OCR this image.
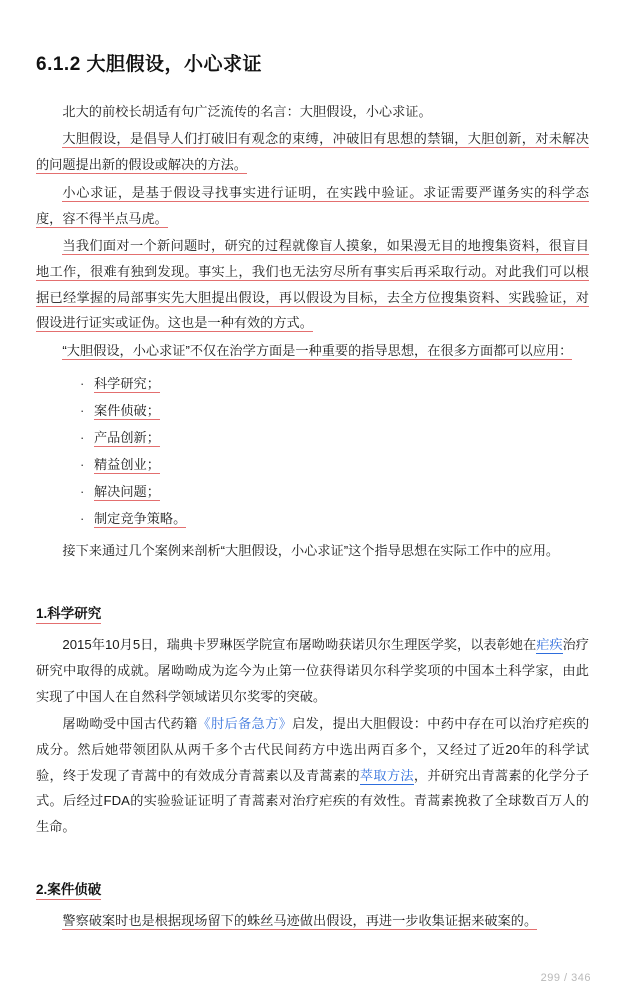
6.1.2 大胆假设，小心求证

北大的前校长胡适有句广泛流传的名言：大胆假设，小心求证。

大胆假设，是倡导人们打破旧有观念的束缚，冲破旧有思想的禁锢，大胆创新，对未解决的问题提出新的假设或解决的方法。

小心求证，是基于假设寻找事实进行证明，在实践中验证。求证需要严谨务实的科学态度，容不得半点马虎。

当我们面对一个新问题时，研究的过程就像盲人摸象，如果漫无目的地搜集资料，很盲目地工作，很难有独到发现。事实上，我们也无法穷尽所有事实后再采取行动。对此我们可以根据已经掌握的局部事实先大胆提出假设，再以假设为目标，去全方位搜集资料、实践验证，对假设进行证实或证伪。这也是一种有效的方式。

“大胆假设，小心求证”不仅在治学方面是一种重要的指导思想，在很多方面都可以应用：

· 科学研究；
· 案件侦破；
· 产品创新；
· 精益创业；
· 解决问题；
· 制定竞争策略。

接下来通过几个案例来剖析“大胆假设，小心求证”这个指导思想在实际工作中的应用。

1.科学研究

2015年10月5日，瑞典卡罗琳医学院宣布屠呦呦获诺贝尔生理医学奖，以表彰她在疟疾治疗研究中取得的成就。屠呦呦成为迄今为止第一位获得诺贝尔科学奖项的中国本土科学家，由此实现了中国人在自然科学领域诺贝尔奖零的突破。

屠呦呦受中国古代药籍《肘后备急方》启发，提出大胆假设：中药中存在可以治疗疟疾的成分。然后她带领团队从两千多个古代民间药方中选出两百多个，又经过了近20年的科学试验，终于发现了青蒿中的有效成分青蒿素以及青蒿素的萃取方法，并研究出青蒿素的化学分子式。后经过FDA的实验验证证明了青蒿素对治疗疟疾的有效性。青蒿素挽救了全球数百万人的生命。

2.案件侦破

警察破案时也是根据现场留下的蛛丝马迹做出假设，再进一步收集证据来破案的。

299 / 346
